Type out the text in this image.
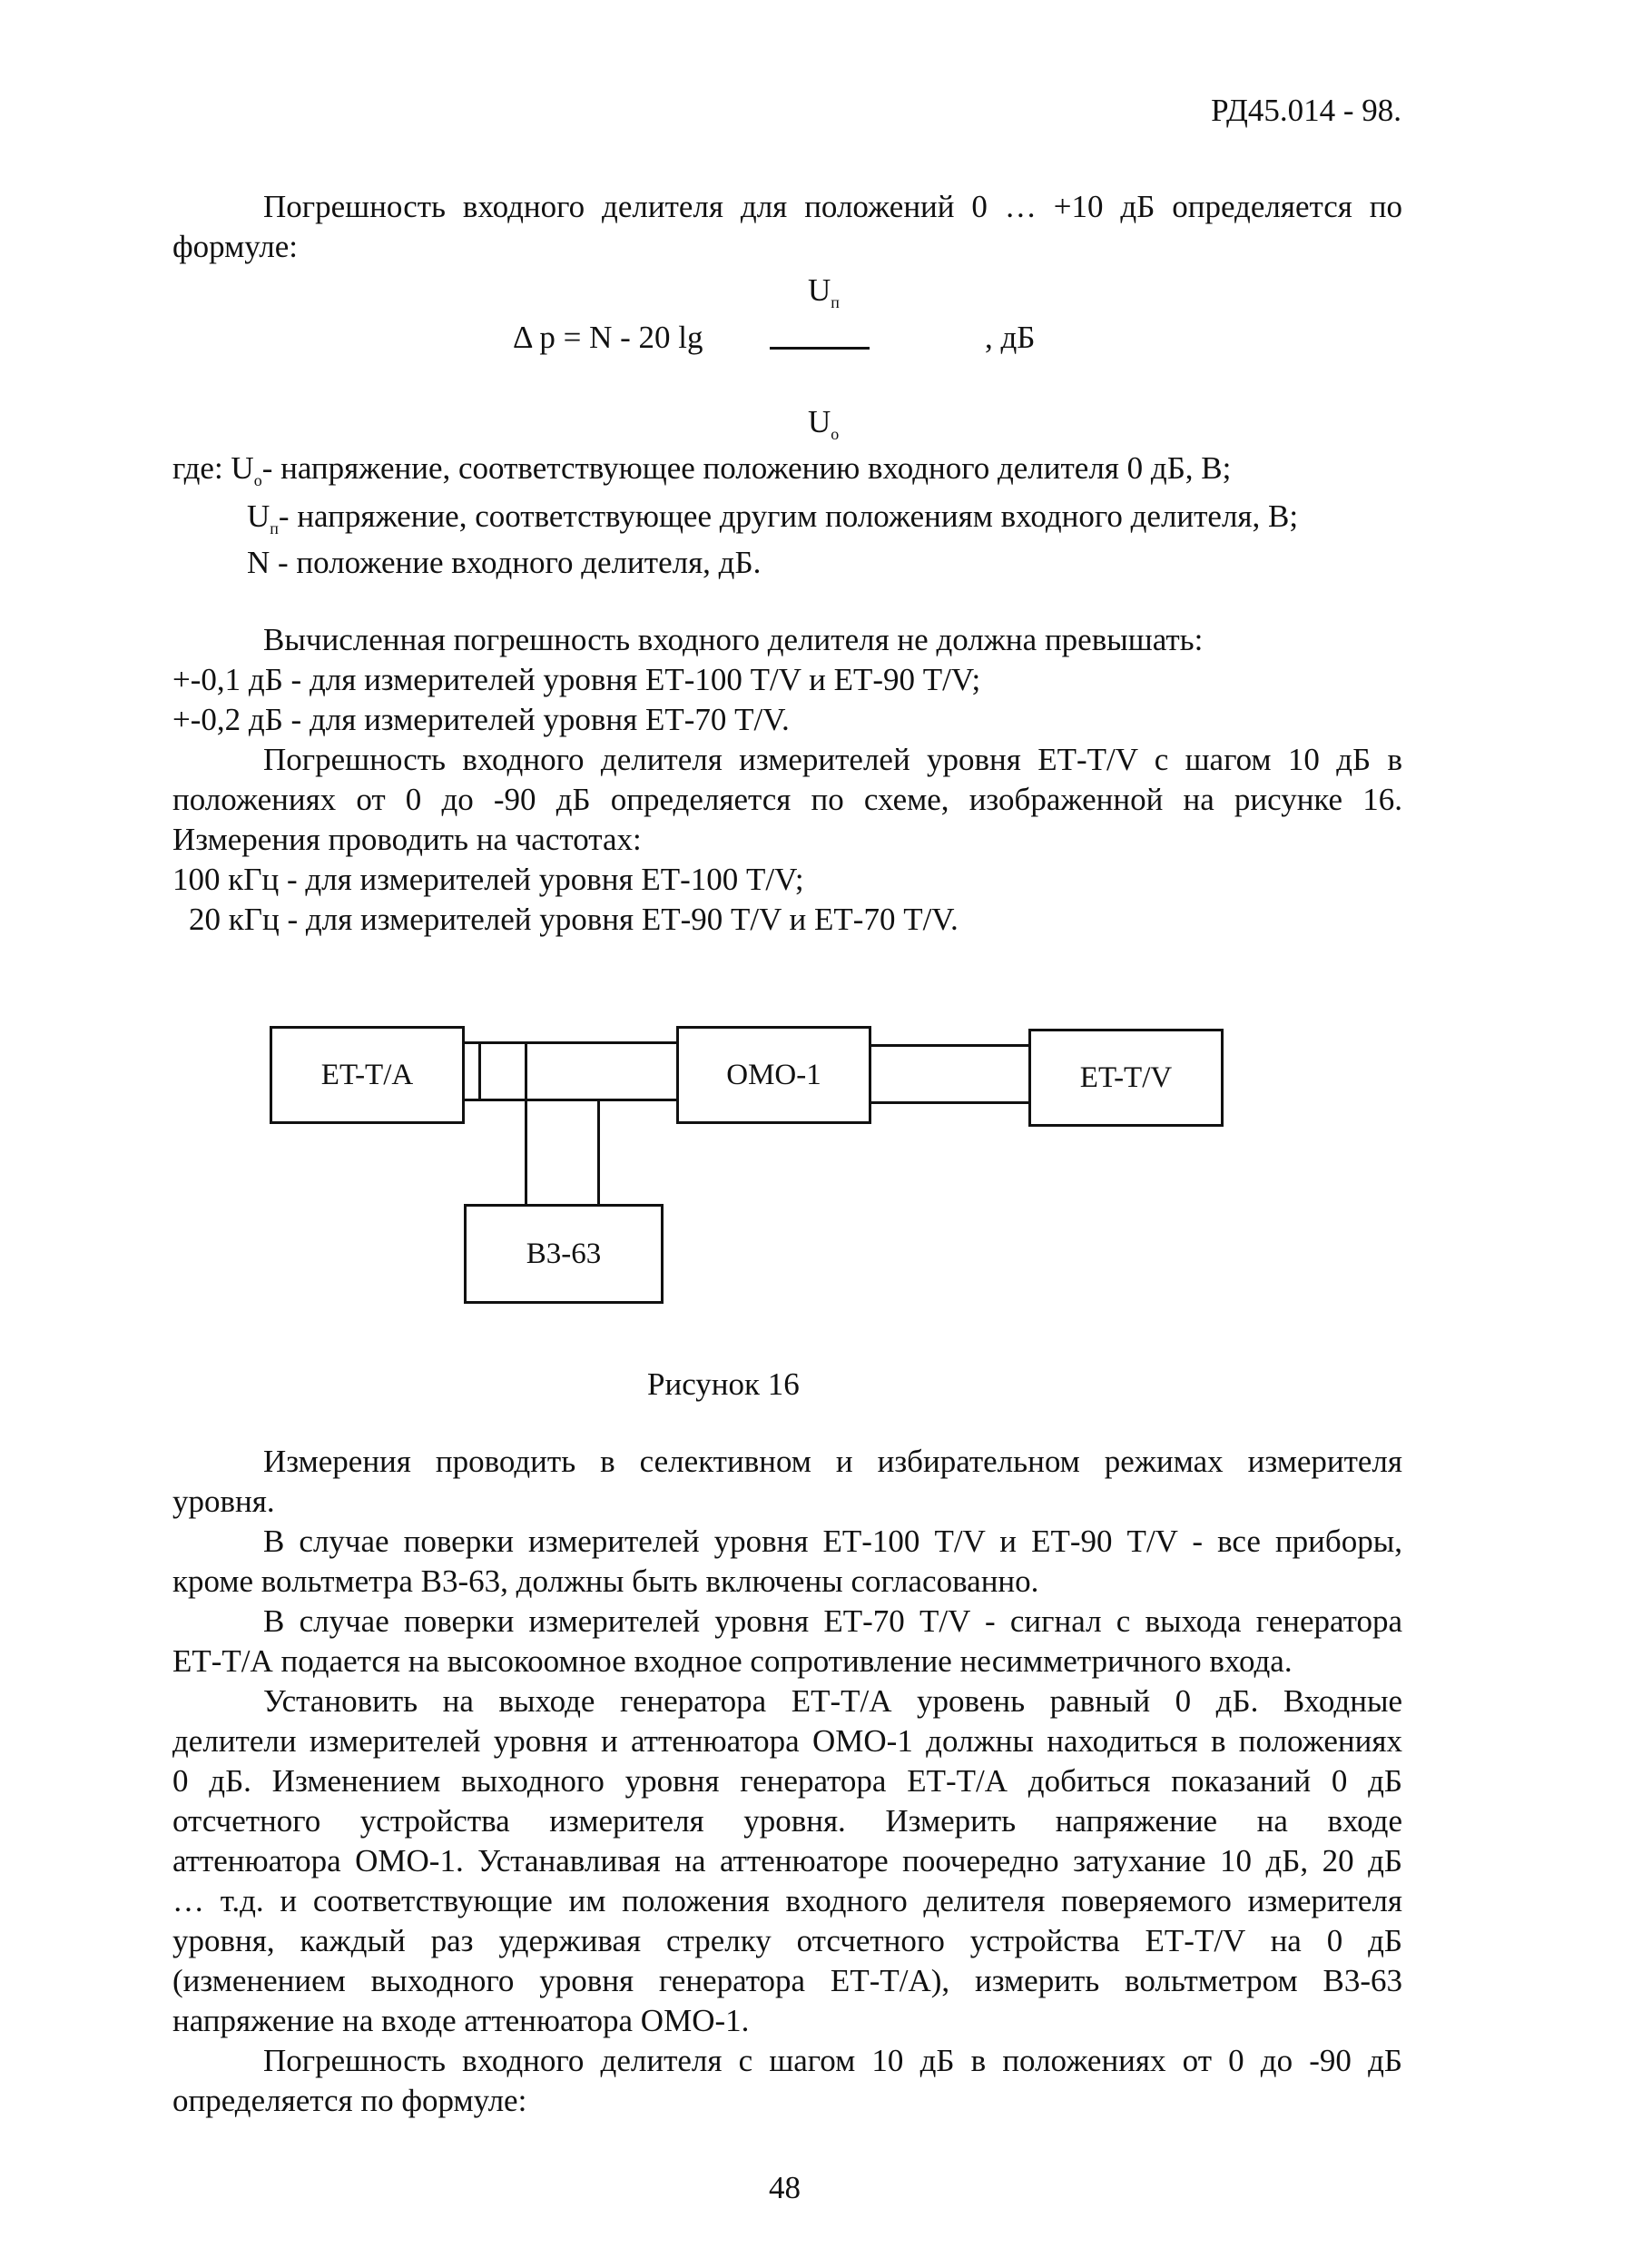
РД45.014 - 98.
Погрешность входного делителя для положений 0 … +10 дБ определяется по
формуле:
$U_п$
Δ p = N - 20 lg	, дБ
$U_о$
где: $U_о-$ напряжение, соответствующее положению входного делителя 0 дБ, В;
$U_п-$ напряжение, соответствующее другим положениям входного делителя, В;
N - положение входного делителя, дБ.
Вычисленная погрешность входного делителя не должна превышать:
+-0,1 дБ - для измерителей уровня ЕТ-100 T/V и ЕТ-90 T/V;
+-0,2 дБ - для измерителей уровня ЕТ-70 T/V.
Погрешность входного делителя измерителей уровня ЕТ-T/V с шагом 10 дБ в
положениях от 0 до -90 дБ определяется по схеме, изображенной на рисунке 16.
Измерения проводить на частотах:
100 кГц - для измерителей уровня ЕТ-100 T/V;
20 кГц - для измерителей уровня ЕТ-90 T/V и ЕТ-70 T/V.
ET-T/A	OMO-1	ET-T/V
B3-63
Рисунок 16
Измерения проводить в селективном и избирательном режимах измерителя
уровня.
В случае поверки измерителей уровня ЕТ-100 T/V и ЕТ-90 T/V - все приборы,
кроме вольтметра В3-63, должны быть включены согласованно.
В случае поверки измерителей уровня ЕТ-70 T/V - сигнал с выхода генератора
ЕТ-Т/А подается на высокоомное входное сопротивление несимметричного входа.
Установить на выходе генератора ЕТ-Т/А уровень равный 0 дБ. Входные
делители измерителей уровня и аттенюатора ОМО-1 должны находиться в положениях
0 дБ. Изменением выходного уровня генератора ЕТ-Т/А добиться показаний 0 дБ
отсчетного устройства измерителя уровня. Измерить напряжение на входе
аттенюатора ОМО-1. Устанавливая на аттенюаторе поочередно затухание 10 дБ, 20 дБ
… т.д. и соответствующие им положения входного делителя поверяемого измерителя
уровня, каждый раз удерживая стрелку отсчетного устройства ЕТ-T/V на 0 дБ
(изменением выходного уровня генератора ЕТ-Т/А), измерить вольтметром В3-63
напряжение на входе аттенюатора ОМО-1.
Погрешность входного делителя с шагом 10 дБ в положениях от 0 до -90 дБ
определяется по формуле:
48
